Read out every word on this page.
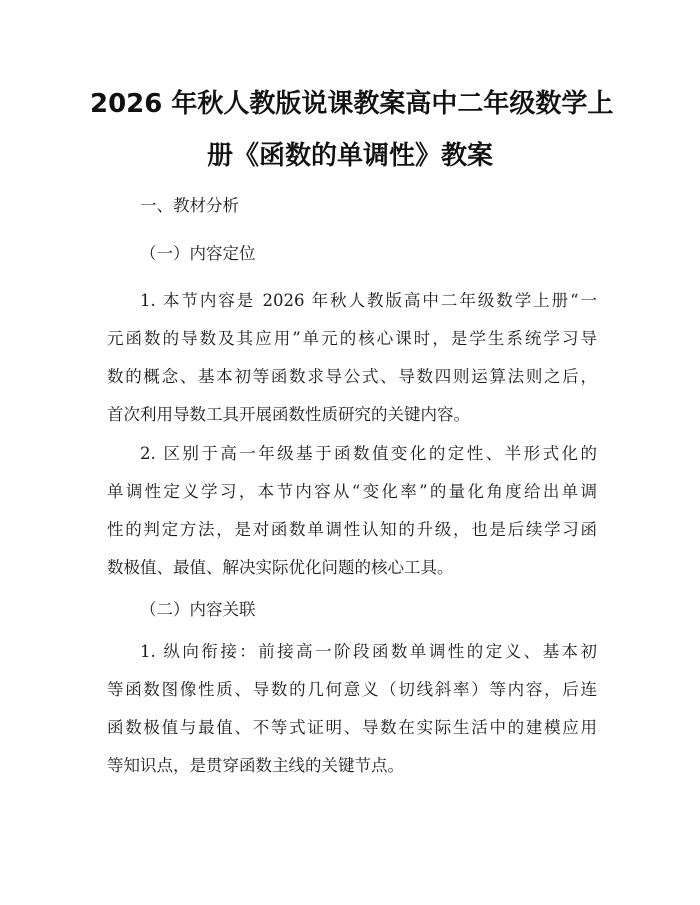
2026 年秋人教版说课教案高中二年级数学上
册《函数的单调性》教案
一、教材分析
（一）内容定位
1. 本节内容是 2026 年秋人教版高中二年级数学上册“一
元函数的导数及其应用”单元的核心课时，是学生系统学习导
数的概念、基本初等函数求导公式、导数四则运算法则之后，
首次利用导数工具开展函数性质研究的关键内容。
2. 区别于高一年级基于函数值变化的定性、半形式化的
单调性定义学习，本节内容从“变化率”的量化角度给出单调
性的判定方法，是对函数单调性认知的升级，也是后续学习函
数极值、最值、解决实际优化问题的核心工具。
（二）内容关联
1. 纵向衔接：前接高一阶段函数单调性的定义、基本初
等函数图像性质、导数的几何意义（切线斜率）等内容，后连
函数极值与最值、不等式证明、导数在实际生活中的建模应用
等知识点，是贯穿函数主线的关键节点。
